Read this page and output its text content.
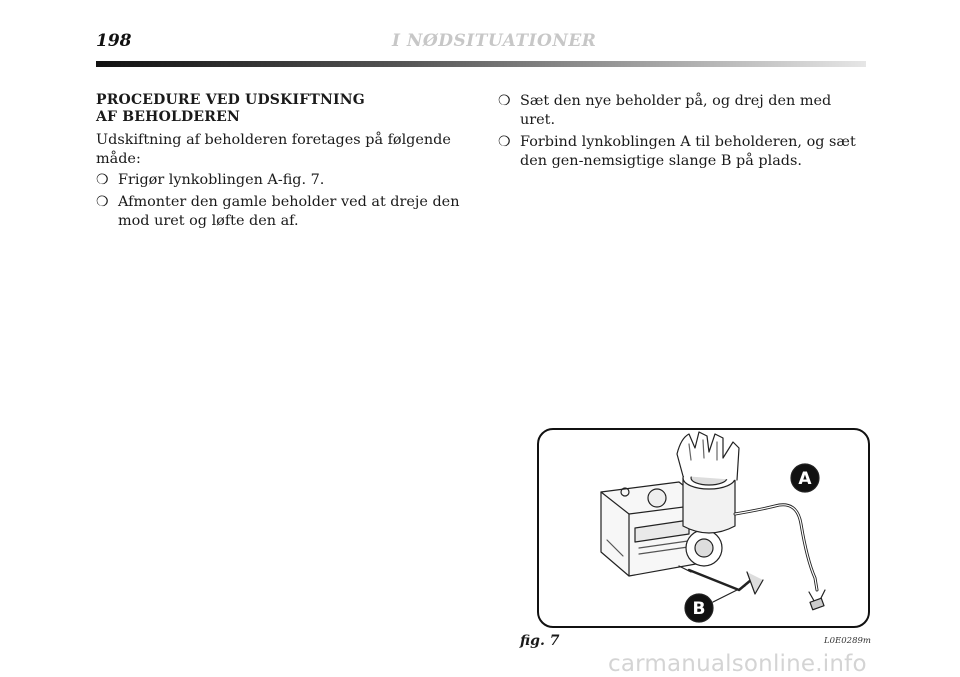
198	I NØDSITUATIONER
PROCEDURE VED UDSKIFTNING
AF BEHOLDEREN

Udskiftning af beholderen foretages på følgende måde:

❍ Frigør lynkoblingen A-fig. 7.
❍ Afmonter den gamle beholder ved at dreje den mod uret og løfte den af.
❍ Sæt den nye beholder på, og drej den med uret.
❍ Forbind lynkoblingen A til beholderen, og sæt den gen-nemsigtige slange B på plads.
A
B
fig. 7	L0E0289m
carmanualsonline.info
